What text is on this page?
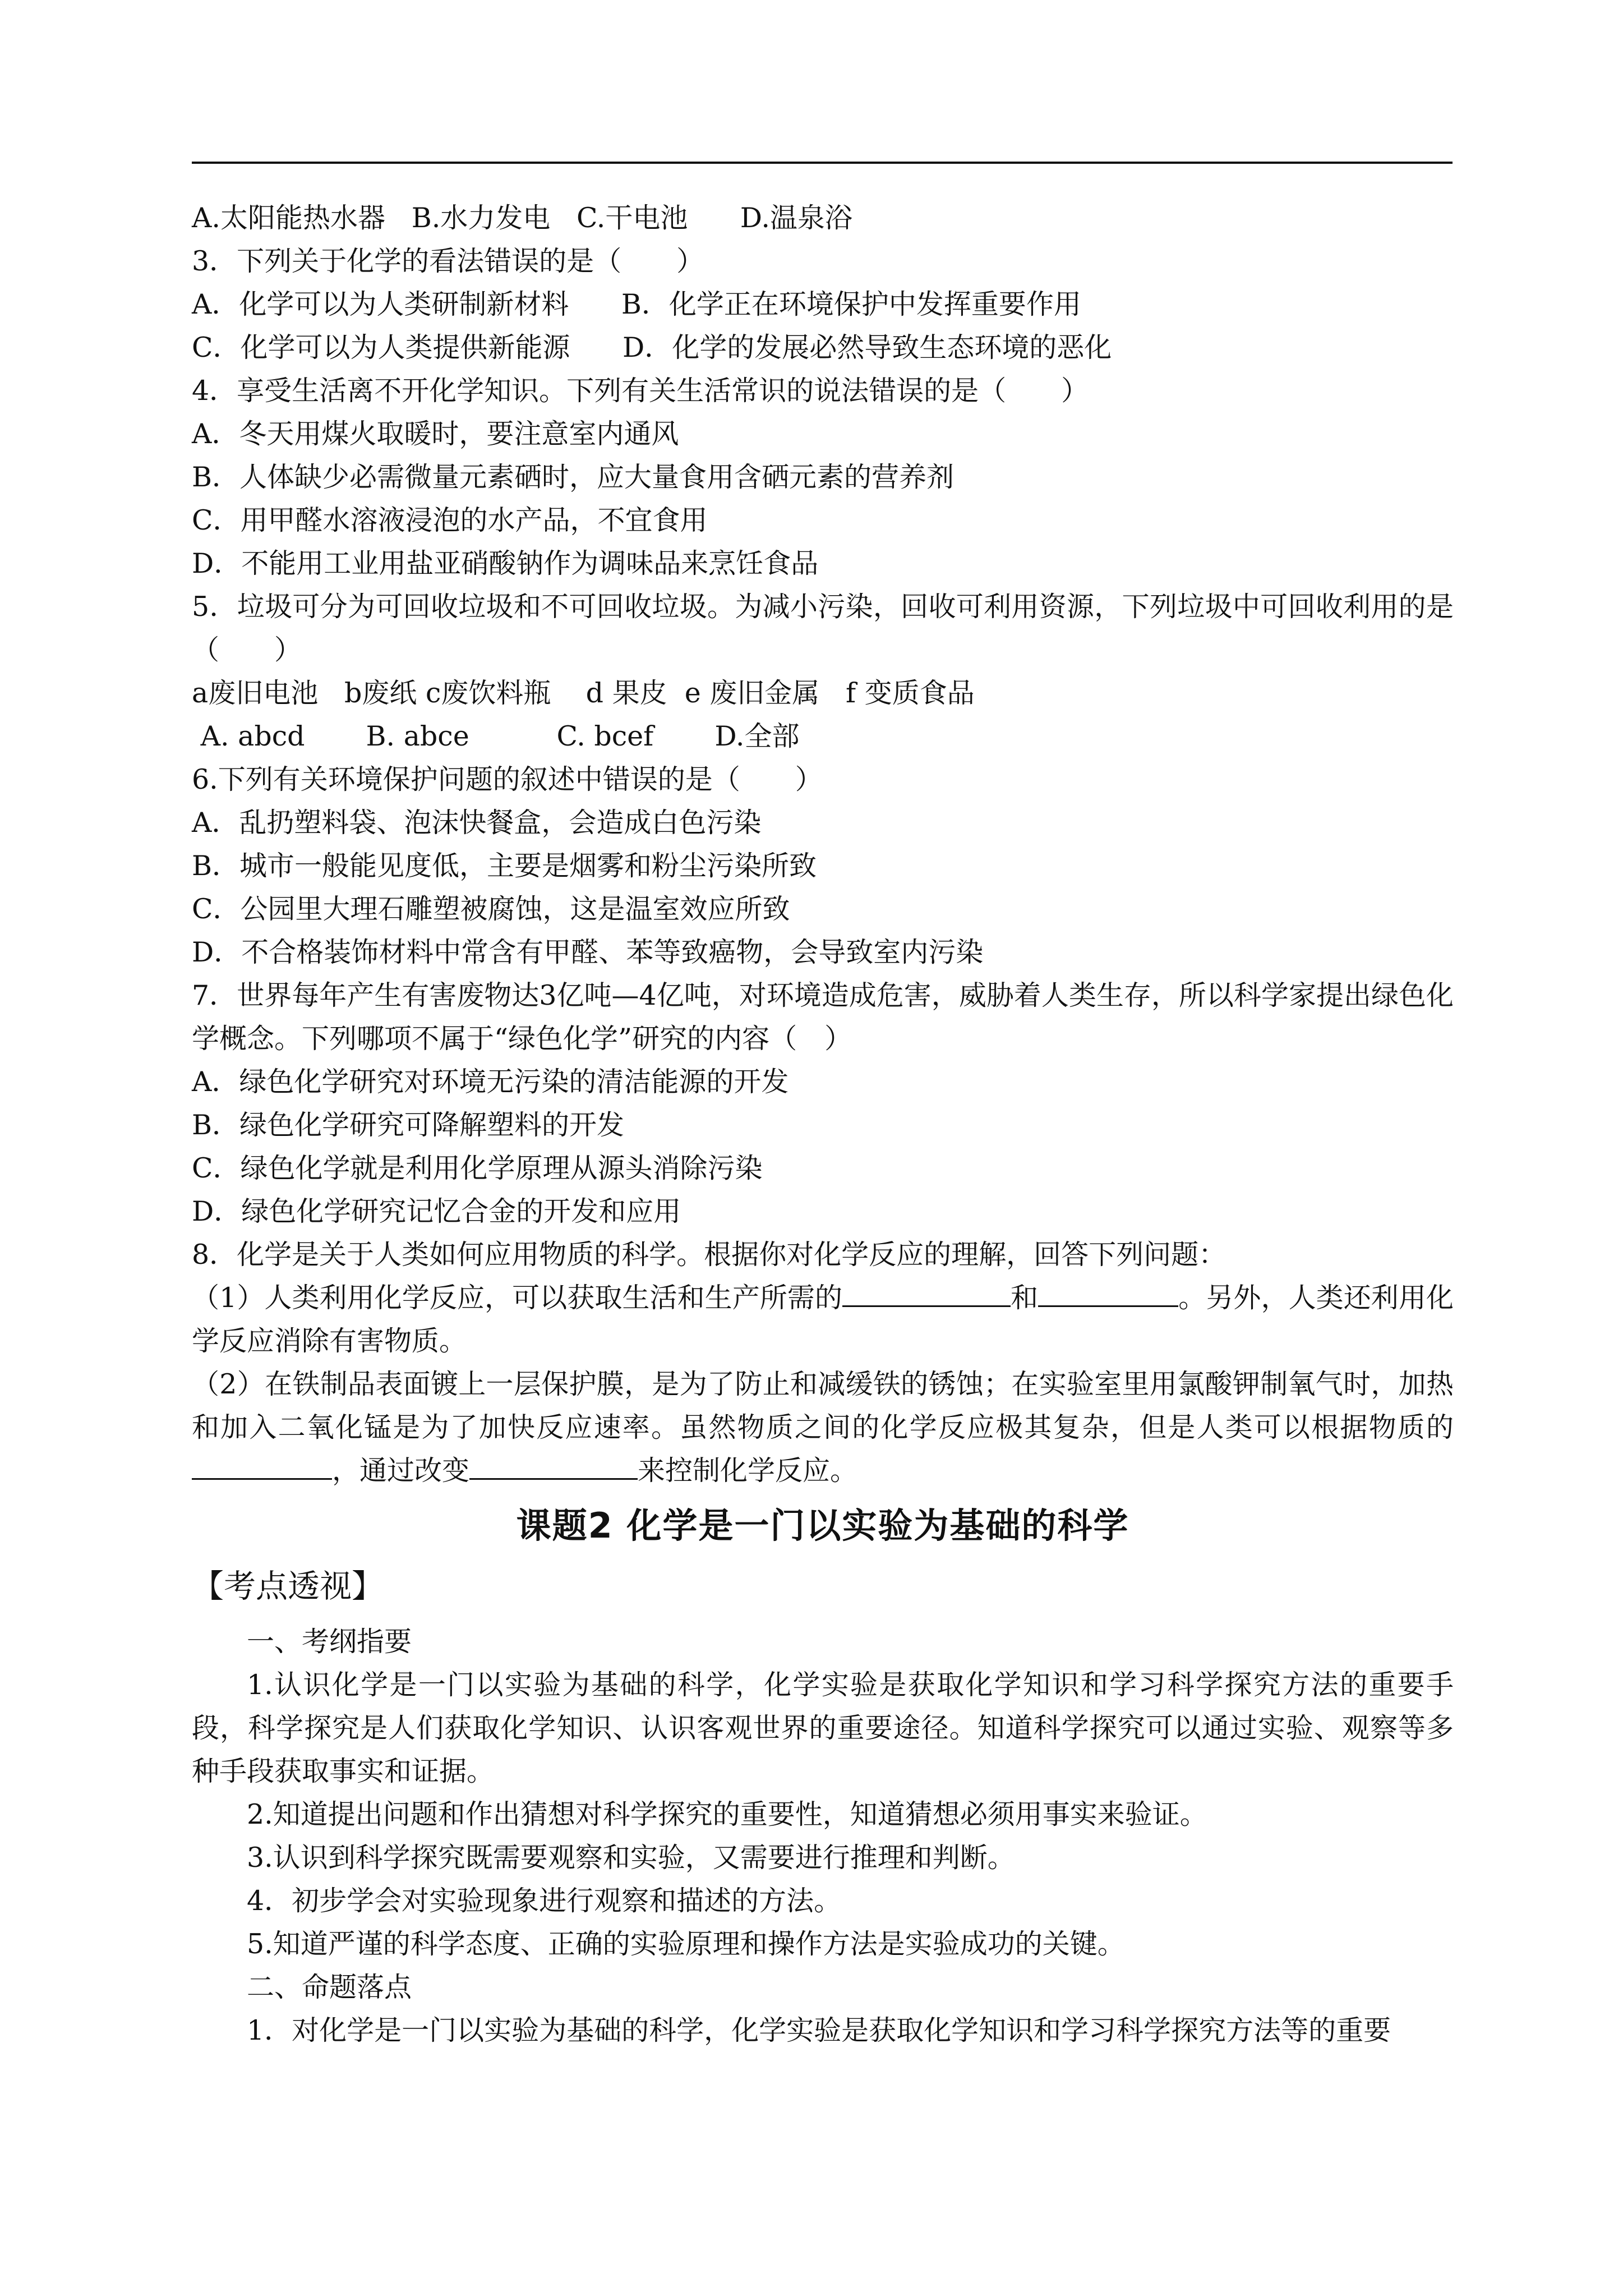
A.太阳能热水器   B.水力发电   C.干电池      D.温泉浴
3．下列关于化学的看法错误的是（　　）
A．化学可以为人类研制新材料      B．化学正在环境保护中发挥重要作用
C．化学可以为人类提供新能源      D．化学的发展必然导致生态环境的恶化
4．享受生活离不开化学知识。下列有关生活常识的说法错误的是（　　）
A．冬天用煤火取暖时，要注意室内通风
B．人体缺少必需微量元素硒时，应大量食用含硒元素的营养剂
C．用甲醛水溶液浸泡的水产品，不宜食用
D．不能用工业用盐亚硝酸钠作为调味品来烹饪食品
5．垃圾可分为可回收垃圾和不可回收垃圾。为减小污染，回收可利用资源，下列垃圾中可回收利用的是 （　　）
a废旧电池   b废纸 c废饮料瓶    d 果皮  e 废旧金属   f 变质食品
A. abcd       B. abce          C. bcef       D.全部
6.下列有关环境保护问题的叙述中错误的是（　　）
A．乱扔塑料袋、泡沫快餐盒，会造成白色污染
B．城市一般能见度低，主要是烟雾和粉尘污染所致
C．公园里大理石雕塑被腐蚀，这是温室效应所致
D．不合格装饰材料中常含有甲醛、苯等致癌物，会导致室内污染
7．世界每年产生有害废物达3亿吨—4亿吨，对环境造成危害，威胁着人类生存，所以科学家提出绿色化学概念。下列哪项不属于“绿色化学”研究的内容（　）
A．绿色化学研究对环境无污染的清洁能源的开发
B．绿色化学研究可降解塑料的开发
C．绿色化学就是利用化学原理从源头消除污染
D．绿色化学研究记忆合金的开发和应用
8．化学是关于人类如何应用物质的科学。根据你对化学反应的理解，回答下列问题：
（1）人类利用化学反应，可以获取生活和生产所需的	和	。另外，人类还利用化学反应消除有害物质。
（2）在铁制品表面镀上一层保护膜，是为了防止和减缓铁的锈蚀；在实验室里用氯酸钾制氧气时，加热和加入二氧化锰是为了加快反应速率。虽然物质之间的化学反应极其复杂，但是人类可以根据物质的，通过改变	来控制化学反应。
课题2 化学是一门以实验为基础的科学
【考点透视】
一、考纲指要
1.认识化学是一门以实验为基础的科学，化学实验是获取化学知识和学习科学探究方法的重要手段，科学探究是人们获取化学知识、认识客观世界的重要途径。知道科学探究可以通过实验、观察等多种手段获取事实和证据。
2.知道提出问题和作出猜想对科学探究的重要性，知道猜想必须用事实来验证。
3.认识到科学探究既需要观察和实验，又需要进行推理和判断。
4．初步学会对实验现象进行观察和描述的方法。
5.知道严谨的科学态度、正确的实验原理和操作方法是实验成功的关键。
二、命题落点
1．对化学是一门以实验为基础的科学，化学实验是获取化学知识和学习科学探究方法等的重要
